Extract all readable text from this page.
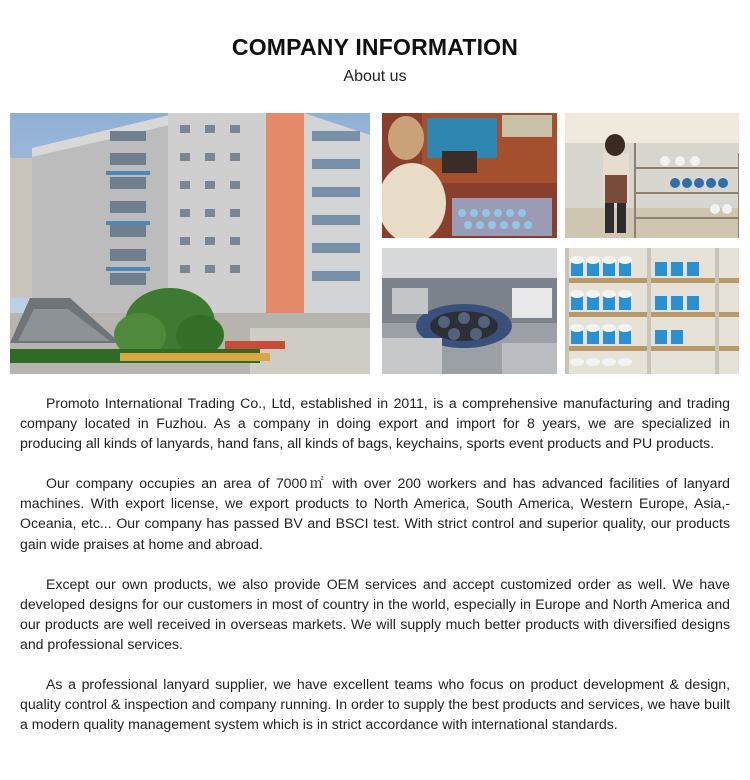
COMPANY INFORMATION
About us

Promoto International Trading Co., Ltd, established in 2011, is a comprehensive manufacturing and trading company located in Fuzhou. As a company in doing export and import for 8 years, we are specialized in producing all kinds of lanyards, hand fans, all kinds of bags, keychains, sports event products and PU products.

Our company occupies an area of 7000㎡ with over 200 workers and has advanced facilities of lanyard machines. With export license, we export products to North America, South America, Western Europe, Asia,-Oceania, etc... Our company has passed BV and BSCI test. With strict control and superior quality, our products gain wide praises at home and abroad.

Except our own products, we also provide OEM services and accept customized order as well. We have developed designs for our customers in most of country in the world, especially in Europe and North America and our products are well received in overseas markets. We will supply much better products with diversified designs and professional services.

As a professional lanyard supplier, we have excellent teams who focus on product development & design, quality control & inspection and company running. In order to supply the best products and services, we have built a modern quality management system which is in strict accordance with international standards.
